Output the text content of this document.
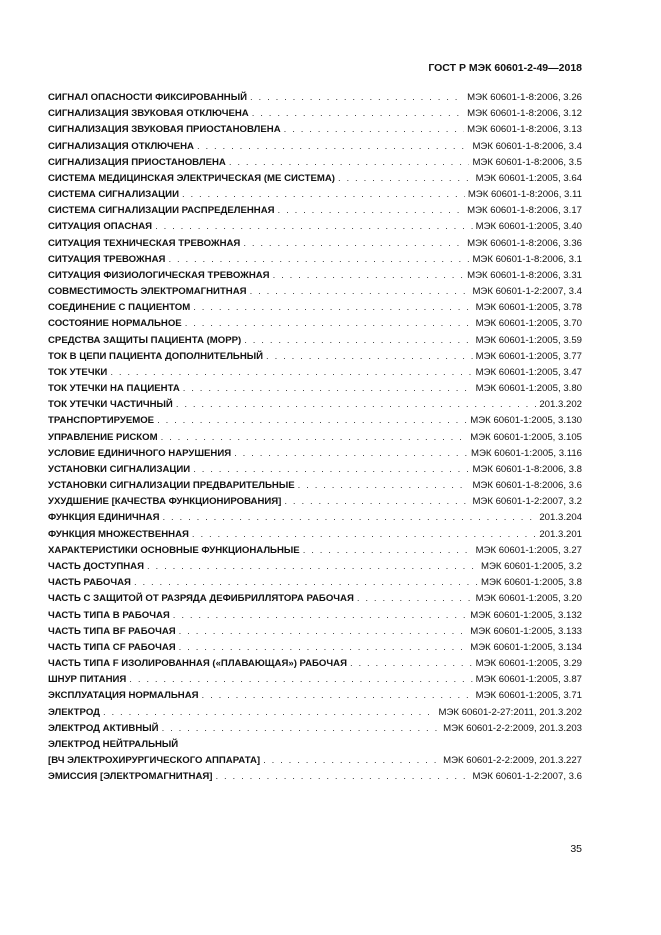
ГОСТ Р МЭК 60601-2-49—2018
СИГНАЛ ОПАСНОСТИ ФИКСИРОВАННЫЙ . . .	МЭК 60601-1-8:2006, 3.26
СИГНАЛИЗАЦИЯ ЗВУКОВАЯ ОТКЛЮЧЕНА . . .	МЭК 60601-1-8:2006, 3.12
СИГНАЛИЗАЦИЯ ЗВУКОВАЯ ПРИОСТАНОВЛЕНА . . .	МЭК 60601-1-8:2006, 3.13
СИГНАЛИЗАЦИЯ ОТКЛЮЧЕНА . . .	МЭК 60601-1-8:2006, 3.4
СИГНАЛИЗАЦИЯ ПРИОСТАНОВЛЕНА . . .	МЭК 60601-1-8:2006, 3.5
СИСТЕМА МЕДИЦИНСКАЯ ЭЛЕКТРИЧЕСКАЯ (МЕ СИСТЕМА) . . .	МЭК 60601-1:2005, 3.64
СИСТЕМА СИГНАЛИЗАЦИИ . . .	МЭК 60601-1-8:2006, 3.11
СИСТЕМА СИГНАЛИЗАЦИИ РАСПРЕДЕЛЕННАЯ . . .	МЭК 60601-1-8:2006, 3.17
СИТУАЦИЯ ОПАСНАЯ . . .	МЭК 60601-1:2005, 3.40
СИТУАЦИЯ ТЕХНИЧЕСКАЯ ТРЕВОЖНАЯ . . .	МЭК 60601-1-8:2006, 3.36
СИТУАЦИЯ ТРЕВОЖНАЯ . . .	МЭК 60601-1-8:2006, 3.1
СИТУАЦИЯ ФИЗИОЛОГИЧЕСКАЯ ТРЕВОЖНАЯ . . .	МЭК 60601-1-8:2006, 3.31
СОВМЕСТИМОСТЬ ЭЛЕКТРОМАГНИТНАЯ . . .	МЭК 60601-1-2:2007, 3.4
СОЕДИНЕНИЕ С ПАЦИЕНТОМ . . .	МЭК 60601-1:2005, 3.78
СОСТОЯНИЕ НОРМАЛЬНОЕ . . .	МЭК 60601-1:2005, 3.70
СРЕДСТВА ЗАЩИТЫ ПАЦИЕНТА (MOPP) . . .	МЭК 60601-1:2005, 3.59
ТОК В ЦЕПИ ПАЦИЕНТА ДОПОЛНИТЕЛЬНЫЙ . . .	МЭК 60601-1:2005, 3.77
ТОК УТЕЧКИ . . .	МЭК 60601-1:2005, 3.47
ТОК УТЕЧКИ НА ПАЦИЕНТА . . .	МЭК 60601-1:2005, 3.80
ТОК УТЕЧКИ ЧАСТИЧНЫЙ . . .	201.3.202
ТРАНСПОРТИРУЕМОЕ . . .	МЭК 60601-1:2005, 3.130
УПРАВЛЕНИЕ РИСКОМ . . .	МЭК 60601-1:2005, 3.105
УСЛОВИЕ ЕДИНИЧНОГО НАРУШЕНИЯ . . .	МЭК 60601-1:2005, 3.116
УСТАНОВКИ СИГНАЛИЗАЦИИ . . .	МЭК 60601-1-8:2006, 3.8
УСТАНОВКИ СИГНАЛИЗАЦИИ ПРЕДВАРИТЕЛЬНЫЕ . . .	МЭК 60601-1-8:2006, 3.6
УХУДШЕНИЕ [КАЧЕСТВА ФУНКЦИОНИРОВАНИЯ] . . .	МЭК 60601-1-2:2007, 3.2
ФУНКЦИЯ ЕДИНИЧНАЯ . . .	201.3.204
ФУНКЦИЯ МНОЖЕСТВЕННАЯ . . .	201.3.201
ХАРАКТЕРИСТИКИ ОСНОВНЫЕ ФУНКЦИОНАЛЬНЫЕ . . .	МЭК 60601-1:2005, 3.27
ЧАСТЬ ДОСТУПНАЯ . . .	МЭК 60601-1:2005, 3.2
ЧАСТЬ РАБОЧАЯ . . .	МЭК 60601-1:2005, 3.8
ЧАСТЬ С ЗАЩИТОЙ ОТ РАЗРЯДА ДЕФИБРИЛЛЯТОРА РАБОЧАЯ . . .	МЭК 60601-1:2005, 3.20
ЧАСТЬ ТИПА В РАБОЧАЯ . . .	МЭК 60601-1:2005, 3.132
ЧАСТЬ ТИПА BF РАБОЧАЯ . . .	МЭК 60601-1:2005, 3.133
ЧАСТЬ ТИПА CF РАБОЧАЯ . . .	МЭК 60601-1:2005, 3.134
ЧАСТЬ ТИПА F ИЗОЛИРОВАННАЯ («ПЛАВАЮЩАЯ») РАБОЧАЯ . . .	МЭК 60601-1:2005, 3.29
ШНУР ПИТАНИЯ . . .	МЭК 60601-1:2005, 3.87
ЭКСПЛУАТАЦИЯ НОРМАЛЬНАЯ . . .	МЭК 60601-1:2005, 3.71
ЭЛЕКТРОД . . .	МЭК 60601-2-27:2011, 201.3.202
ЭЛЕКТРОД АКТИВНЫЙ . . .	МЭК 60601-2-2:2009, 201.3.203
ЭЛЕКТРОД НЕЙТРАЛЬНЫЙ
[ВЧ ЭЛЕКТРОХИРУРГИЧЕСКОГО АППАРАТА] . . .	МЭК 60601-2-2:2009, 201.3.227
ЭМИССИЯ [ЭЛЕКТРОМАГНИТНАЯ] . . .	МЭК 60601-1-2:2007, 3.6
35
